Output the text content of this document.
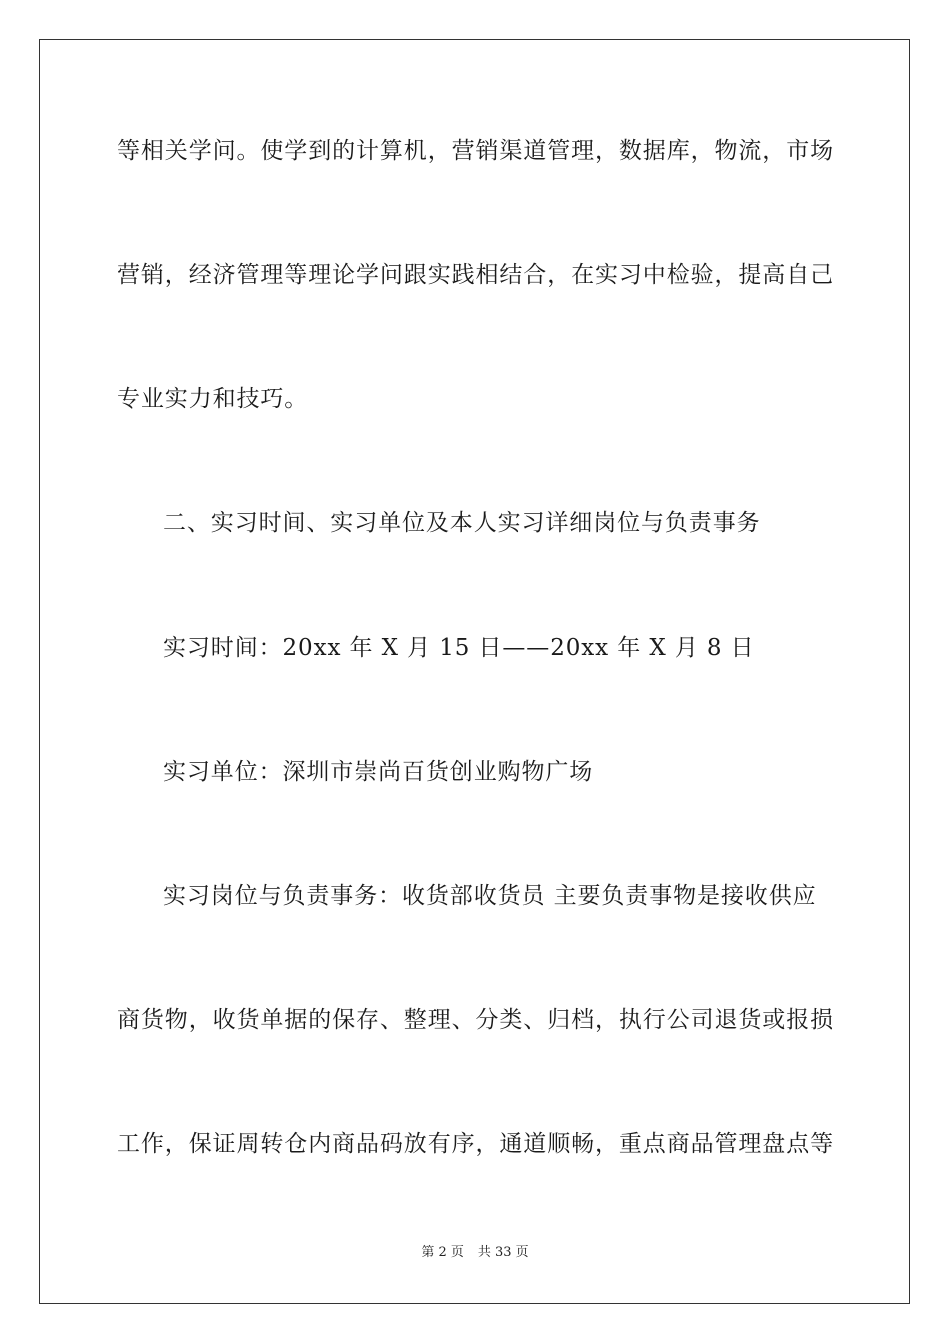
等相关学问。使学到的计算机，营销渠道管理，数据库，物流，市场
营销，经济管理等理论学问跟实践相结合，在实习中检验，提高自己
专业实力和技巧。
二、实习时间、实习单位及本人实习详细岗位与负责事务
实习时间：20xx 年 X 月 15 日——20xx 年 X 月 8 日
实习单位：深圳市崇尚百货创业购物广场
实习岗位与负责事务：收货部收货员 主要负责事物是接收供应
商货物，收货单据的保存、整理、分类、归档，执行公司退货或报损
工作，保证周转仓内商品码放有序，通道顺畅，重点商品管理盘点等
第 2 页 共 33 页
